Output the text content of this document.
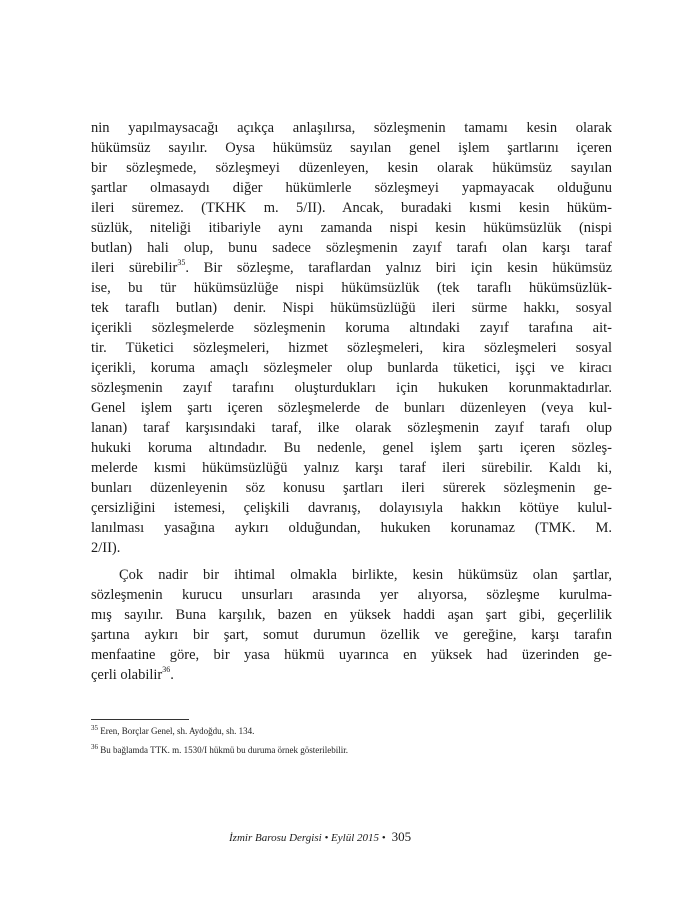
nin yapılmaysacağı açıkça anlaşılırsa, sözleşmenin tamamı kesin olarak
hükümsüz sayılır. Oysa hükümsüz sayılan genel işlem şartlarını içeren
bir sözleşmede, sözleşmeyi düzenleyen, kesin olarak hükümsüz sayılan
şartlar olmasaydı diğer hükümlerle sözleşmeyi yapmayacak olduğunu
ileri süremez. (TKHK m. 5/II). Ancak, buradaki kısmi kesin hüküm-
süzlük, niteliği itibariyle aynı zamanda nispi kesin hükümsüzlük (nispi
butlan) hali olup, bunu sadece sözleşmenin zayıf tarafı olan karşı taraf
ileri sürebilir$^{35}$. Bir sözleşme, taraflardan yalnız biri için kesin hükümsüz
ise, bu tür hükümsüzlüğe nispi hükümsüzlük (tek taraflı hükümsüzlük-
tek taraflı butlan) denir. Nispi hükümsüzlüğü ileri sürme hakkı, sosyal
içerikli sözleşmelerde sözleşmenin koruma altındaki zayıf tarafına ait-
tir. Tüketici sözleşmeleri, hizmet sözleşmeleri, kira sözleşmeleri sosyal
içerikli, koruma amaçlı sözleşmeler olup bunlarda tüketici, işçi ve kiracı
sözleşmenin zayıf tarafını oluşturdukları için hukuken korunmaktadırlar.
Genel işlem şartı içeren sözleşmelerde de bunları düzenleyen (veya kul-
lanan) taraf karşısındaki taraf, ilke olarak sözleşmenin zayıf tarafı olup
hukuki koruma altındadır. Bu nedenle, genel işlem şartı içeren sözleş-
melerde kısmi hükümsüzlüğü yalnız karşı taraf ileri sürebilir. Kaldı ki,
bunları düzenleyenin söz konusu şartları ileri sürerek sözleşmenin ge-
çersizliğini istemesi, çelişkili davranış, dolayısıyla hakkın kötüye kulul-
lanılması yasağına aykırı olduğundan, hukuken korunamaz (TMK. M.
2/II).
Çok nadir bir ihtimal olmakla birlikte, kesin hükümsüz olan şartlar,
sözleşmenin kurucu unsurları arasında yer alıyorsa, sözleşme kurulma-
mış sayılır. Buna karşılık, bazen en yüksek haddi aşan şart gibi, geçerlilik
şartına aykırı bir şart, somut durumun özellik ve gereğine, karşı tarafın
menfaatine göre, bir yasa hükmü uyarınca en yüksek had üzerinden ge-
çerli olabilir$^{36}$.
$^{35}$ Eren, Borçlar Genel, sh. Aydoğdu, sh. 134.
$^{36}$ Bu bağlamda TTK. m. 1530/I hükmü bu duruma örnek gösterilebilir.
İzmir Barosu Dergisi • Eylül 2015 • 305
